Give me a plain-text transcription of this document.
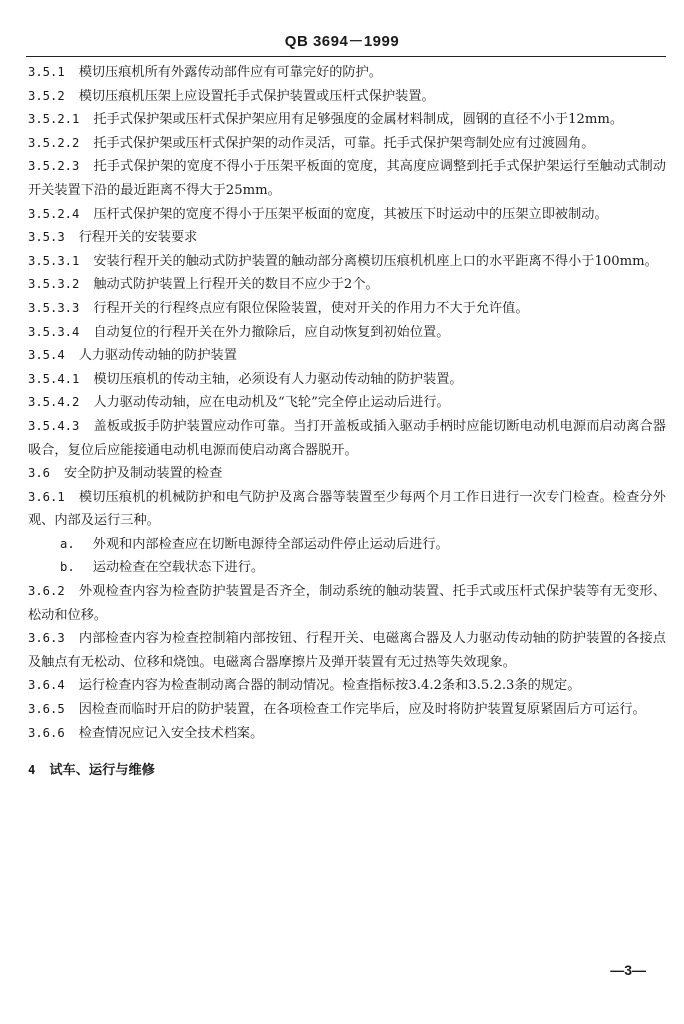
QB 3694－1999

3.5.1 模切压痕机所有外露传动部件应有可靠完好的防护。

3.5.2 模切压痕机压架上应设置托手式保护装置或压杆式保护装置。

3.5.2.1 托手式保护架或压杆式保护架应用有足够强度的金属材料制成，圆钢的直径不小于12mm。

3.5.2.2 托手式保护架或压杆式保护架的动作灵活，可靠。托手式保护架弯制处应有过渡圆角。

3.5.2.3 托手式保护架的宽度不得小于压架平板面的宽度，其高度应调整到托手式保护架运行至触动式制动开关装置下沿的最近距离不得大于25mm。

3.5.2.4 压杆式保护架的宽度不得小于压架平板面的宽度，其被压下时运动中的压架立即被制动。

3.5.3 行程开关的安装要求

3.5.3.1 安装行程开关的触动式防护装置的触动部分离模切压痕机机座上口的水平距离不得小于100mm。

3.5.3.2 触动式防护装置上行程开关的数目不应少于2个。

3.5.3.3 行程开关的行程终点应有限位保险装置，使对开关的作用力不大于允许值。

3.5.3.4 自动复位的行程开关在外力撤除后，应自动恢复到初始位置。

3.5.4 人力驱动传动轴的防护装置

3.5.4.1 模切压痕机的传动主轴，必须设有人力驱动传动轴的防护装置。

3.5.4.2 人力驱动传动轴，应在电动机及“飞轮”完全停止运动后进行。

3.5.4.3 盖板或扳手防护装置应动作可靠。当打开盖板或插入驱动手柄时应能切断电动机电源而启动离合器吸合，复位后应能接通电动机电源而使启动离合器脱开。

3.6 安全防护及制动装置的检查

3.6.1 模切压痕机的机械防护和电气防护及离合器等装置至少每两个月工作日进行一次专门检查。检查分外观、内部及运行三种。

a. 外观和内部检查应在切断电源待全部运动件停止运动后进行。

b. 运动检查在空载状态下进行。

3.6.2 外观检查内容为检查防护装置是否齐全，制动系统的触动装置、托手式或压杆式保护装等有无变形、松动和位移。

3.6.3 内部检查内容为检查控制箱内部按钮、行程开关、电磁离合器及人力驱动传动轴的防护装置的各接点及触点有无松动、位移和烧蚀。电磁离合器摩擦片及弹开装置有无过热等失效现象。

3.6.4 运行检查内容为检查制动离合器的制动情况。检查指标按3.4.2条和3.5.2.3条的规定。

3.6.5 因检查而临时开启的防护装置，在各项检查工作完毕后，应及时将防护装置复原紧固后方可运行。

3.6.6 检查情况应记入安全技术档案。

4 试车、运行与维修

—3—
